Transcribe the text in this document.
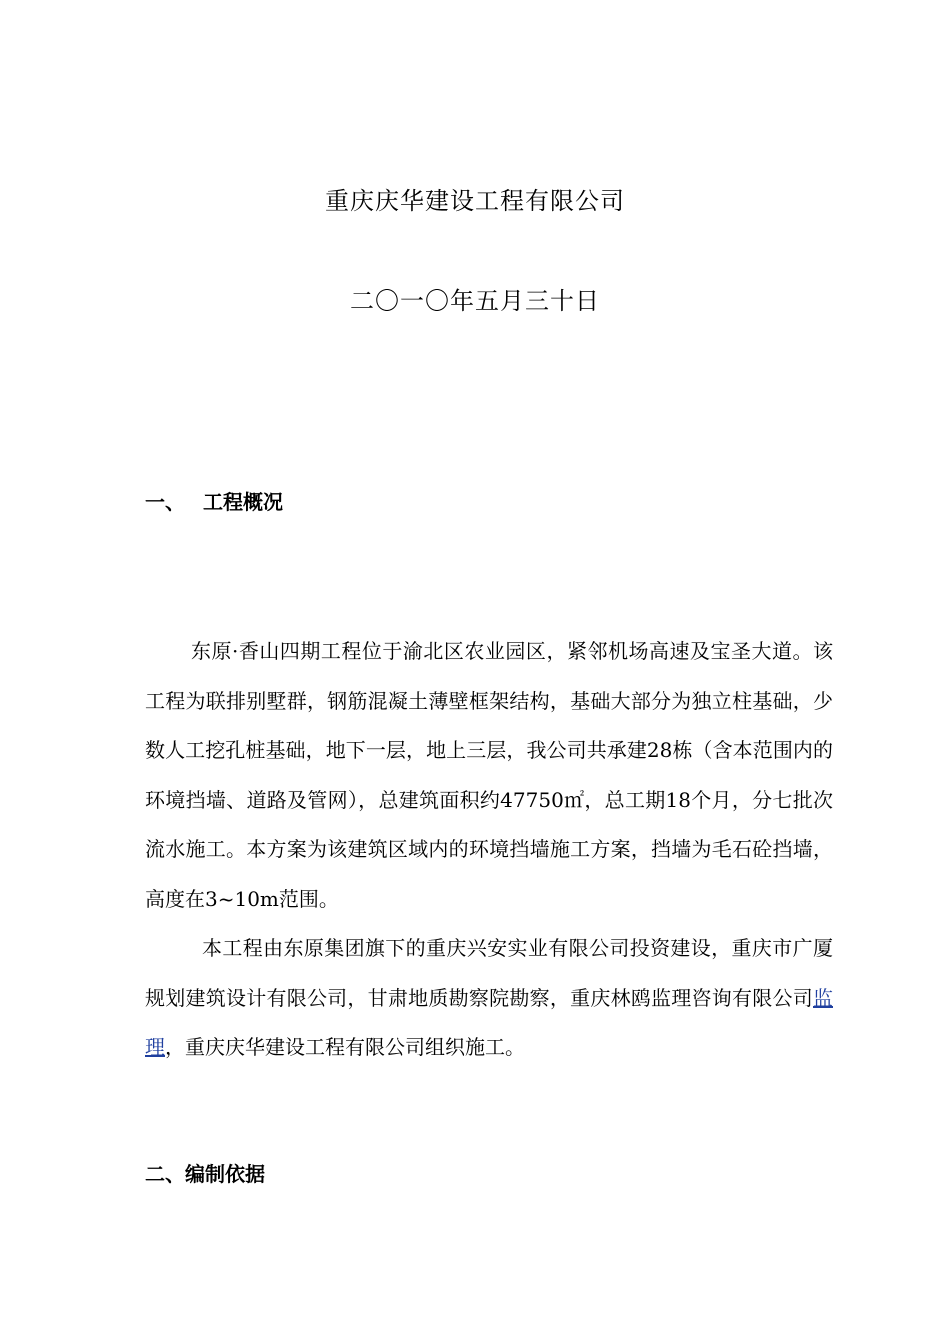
重庆庆华建设工程有限公司
二〇一〇年五月三十日
一、 工程概况

东原·香山四期工程位于渝北区农业园区，紧邻机场高速及宝圣大道。该工程为联排别墅群，钢筋混凝土薄壁框架结构，基础大部分为独立柱基础，少数人工挖孔桩基础，地下一层，地上三层，我公司共承建28栋（含本范围内的环境挡墙、道路及管网），总建筑面积约47750㎡，总工期18个月，分七批次流水施工。本方案为该建筑区域内的环境挡墙施工方案，挡墙为毛石砼挡墙，高度在3~10m范围。

本工程由东原集团旗下的重庆兴安实业有限公司投资建设，重庆市广厦规划建筑设计有限公司，甘肃地质勘察院勘察，重庆林鸥监理咨询有限公司监理，重庆庆华建设工程有限公司组织施工。

二、编制依据
